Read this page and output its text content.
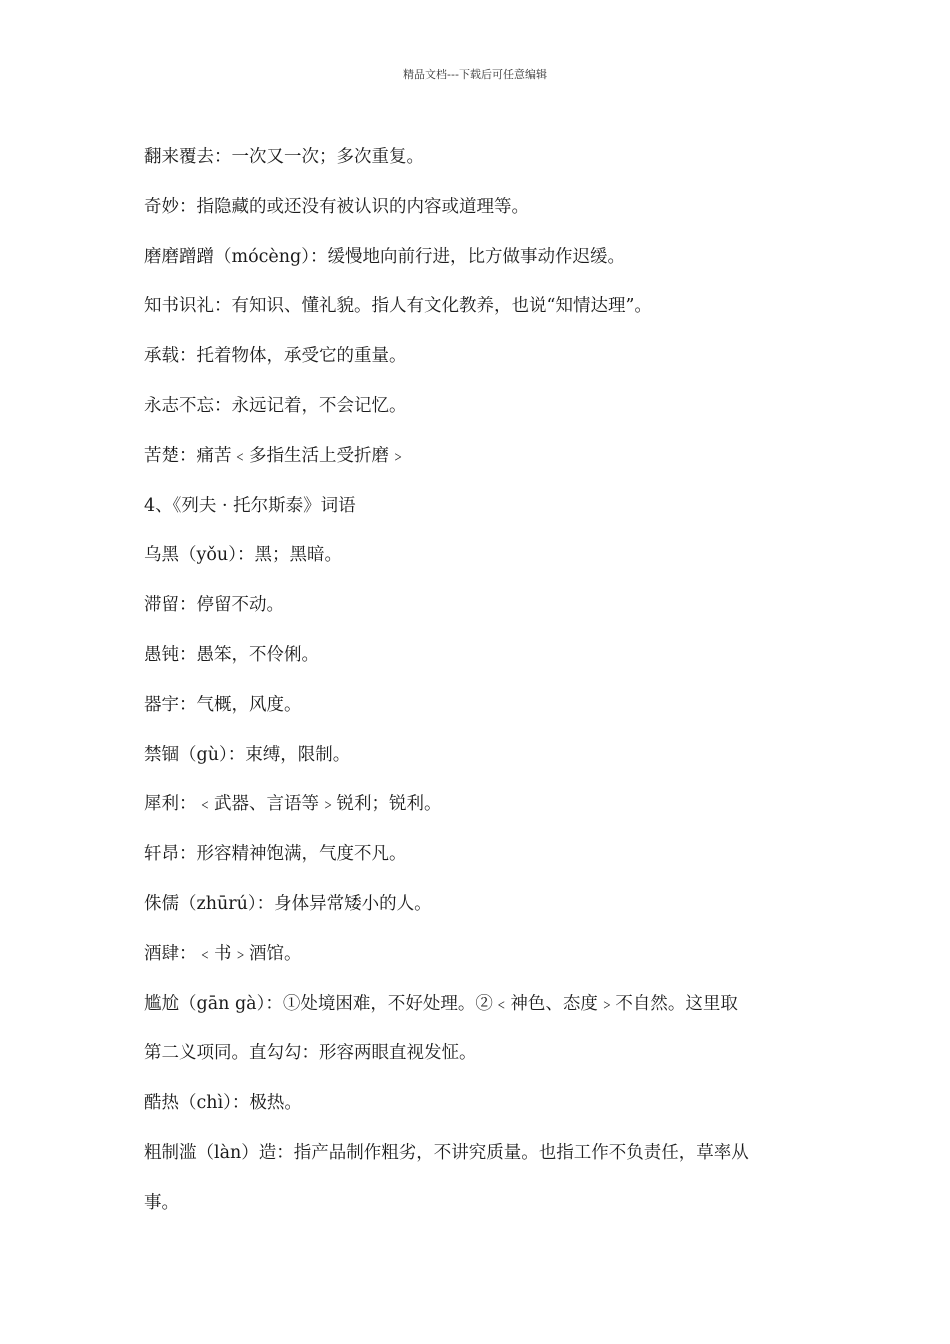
精品文档---下载后可任意编辑
翻来覆去：一次又一次；多次重复。
奇妙：指隐藏的或还没有被认识的内容或道理等。
磨磨蹭蹭（mócèng）：缓慢地向前行进，比方做事动作迟缓。
知书识礼：有知识、懂礼貌。指人有文化教养，也说“知情达理”。
承载：托着物体，承受它的重量。
永志不忘：永远记着，不会记忆。
苦楚：痛苦﹤多指生活上受折磨﹥
4、《列夫 · 托尔斯泰》词语
乌黑（yǒu）：黑；黑暗。
滞留：停留不动。
愚钝：愚笨，不伶俐。
器宇：气概，风度。
禁锢（gù）：束缚，限制。
犀利：﹤武器、言语等﹥锐利；锐利。
轩昂：形容精神饱满，气度不凡。
侏儒（zhūrú）：身体异常矮小的人。
酒肆：﹤书﹥酒馆。
尴尬（gān gà）：①处境困难，不好处理。②﹤神色、态度﹥不自然。这里取
第二义项同。直勾勾：形容两眼直视发怔。
酷热（chì）：极热。
粗制滥（làn）造：指产品制作粗劣，不讲究质量。也指工作不负责任，草率从
事。
